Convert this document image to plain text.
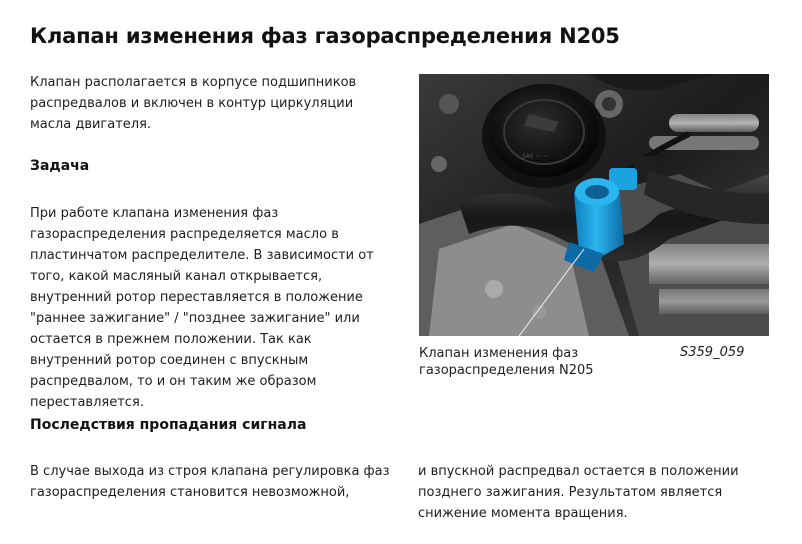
Клапан изменения фаз газораспределения N205

Клапан располагается в корпусе подшипников распредвалов и включен в контур циркуляции масла двигателя.

Задача

При работе клапана изменения фаз газораспределения распределяется масло в пластинчатом распределителе. В зависимости от того, какой масляный канал открывается, внутренний ротор переставляется в положение "раннее зажигание" / "позднее зажигание" или остается в прежнем положении. Так как внутренний ротор соединен с впускным распредвалом, то и он таким же образом переставляется.

Последствия пропадания сигнала

В случае выхода из строя клапана регулировка фаз газораспределения становится невозможной,

и впускной распредвал остается в положении позднего зажигания. Результатом является снижение момента вращения.

SAE ~ ~

Клапан изменения фаз газораспределения N205

S359_059
